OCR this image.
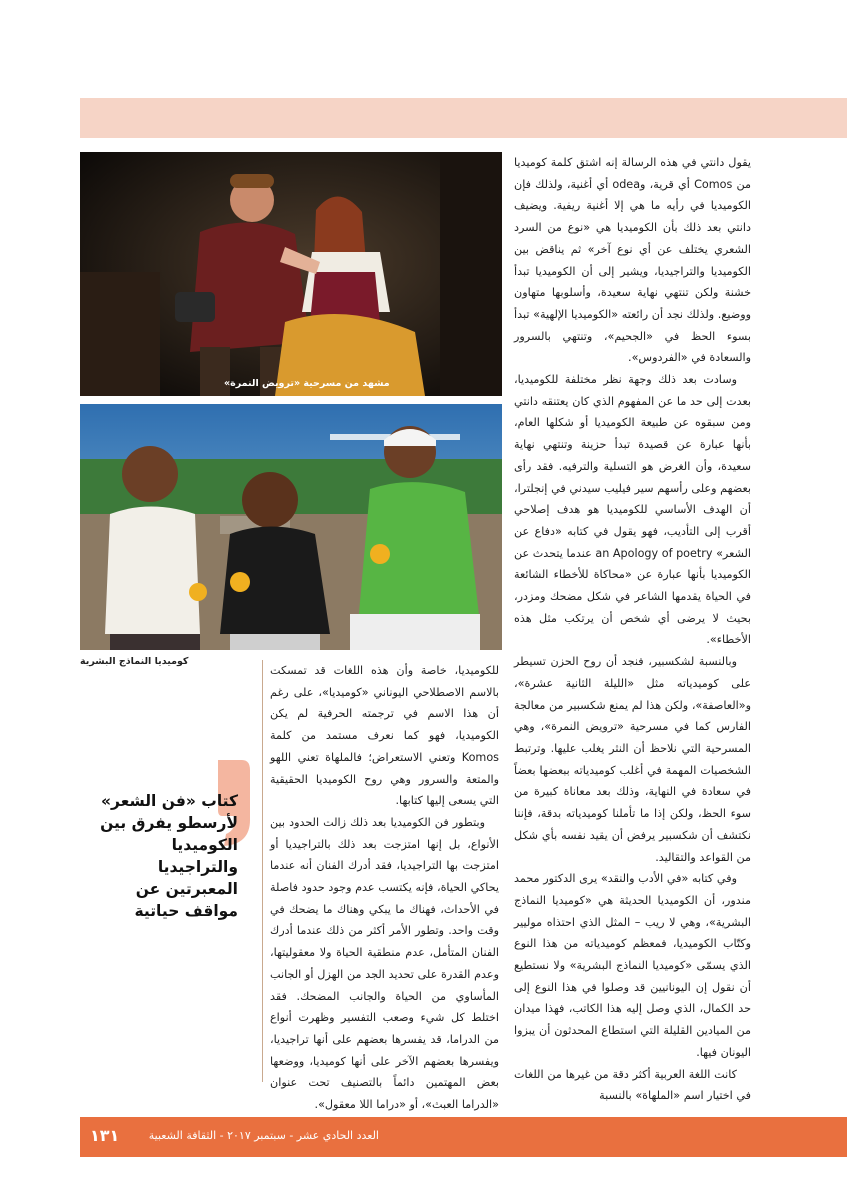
يقول دانتي في هذه الرسالة إنه اشتق كلمة كوميديا من Comos أي قرية، وodea أي أغنية، ولذلك فإن الكوميديا في رأيه ما هي إلا أغنية ريفية. ويضيف دانتي بعد ذلك بأن الكوميديا هي «نوع من السرد الشعري يختلف عن أي نوع آخر» ثم يناقض بين الكوميديا والتراجيديا، ويشير إلى أن الكوميديا تبدأ خشنة ولكن تنتهي نهاية سعيدة، وأسلوبها متهاون ووضيع. ولذلك نجد أن رائعته «الكوميديا الإلهية» تبدأ بسوء الحظ في «الجحيم»، وتنتهي بالسرور والسعادة في «الفردوس».

وسادت بعد ذلك وجهة نظر مختلفة للكوميديا، بعدت إلى حد ما عن المفهوم الذي كان يعتنقه دانتي ومن سبقوه عن طبيعة الكوميديا أو شكلها العام، بأنها عبارة عن قصيدة تبدأ حزينة وتنتهي نهاية سعيدة، وأن الغرض هو التسلية والترفيه. فقد رأى بعضهم وعلى رأسهم سير فيليب سيدني في إنجلترا، أن الهدف الأساسي للكوميديا هو هدف إصلاحي أقرب إلى التأديب، فهو يقول في كتابه «دفاع عن الشعر» an Apology of poetry عندما يتحدث عن الكوميديا بأنها عبارة عن «محاكاة للأخطاء الشائعة في الحياة يقدمها الشاعر في شكل مضحك ومزدر، بحيث لا يرضى أي شخص أن يرتكب مثل هذه الأخطاء».

وبالنسبة لشكسبير، فنجد أن روح الحزن تسيطر على كوميدياته مثل «الليلة الثانية عشرة»، و«العاصفة»، ولكن هذا لم يمنع شكسبير من معالجة الفارس كما في مسرحية «ترويض النمرة»، وهي المسرحية التي نلاحظ أن النثر يغلب عليها. وترتبط الشخصيات المهمة في أغلب كوميدياته ببعضها بعضاً في سعادة في النهاية، وذلك بعد معاناة كبيرة من سوء الحظ، ولكن إذا ما تأملنا كوميدياته بدقة، فإننا نكتشف أن شكسبير يرفض أن يقيد نفسه بأي شكل من القواعد والتقاليد.

وفي كتابه «في الأدب والنقد» يرى الدكتور محمد مندور، أن الكوميديا الحديثة هي «كوميديا النماذج البشرية»، وهي لا ريب – المثل الذي احتذاه موليير وكتّاب الكوميديا، فمعظم كوميدياته من هذا النوع الذي يسمّى «كوميديا النماذج البشرية» ولا نستطيع أن نقول إن اليونانيين قد وصلوا في هذا النوع إلى حد الكمال، الذي وصل إليه هذا الكاتب، فهذا ميدان من الميادين القليلة التي استطاع المحدثون أن يبزوا اليونان فيها.

كانت اللغة العربية أكثر دقة من غيرها من اللغات في اختيار اسم «الملهاة» بالنسبة

مشهد من مسرحية «ترويض النمرة»
كوميديا النماذج البشرية

للكوميديا، خاصة وأن هذه اللغات قد تمسكت بالاسم الاصطلاحي اليوناني «كوميديا»، على رغم أن هذا الاسم في ترجمته الحرفية لم يكن الكوميديا، فهو كما نعرف مستمد من كلمة Komos وتعني الاستعراض؛ فالملهاة تعني اللهو والمتعة والسرور وهي روح الكوميديا الحقيقية التي يسعى إليها كتابها.

وبتطور فن الكوميديا بعد ذلك زالت الحدود بين الأنواع، بل إنها امتزجت بعد ذلك بالتراجيديا أو امتزجت بها التراجيديا، فقد أدرك الفنان أنه عندما يحاكي الحياة، فإنه يكتسب عدم وجود حدود فاصلة في الأحداث، فهناك ما يبكي وهناك ما يضحك في وقت واحد. وتطور الأمر أكثر من ذلك عندما أدرك الفنان المتأمل، عدم منطقية الحياة ولا معقوليتها، وعدم القدرة على تحديد الجد من الهزل أو الجانب المأساوي من الحياة والجانب المضحك. فقد اختلط كل شيء وصعب التفسير وظهرت أنواع من الدراما، قد يفسرها بعضهم على أنها تراجيديا، ويفسرها بعضهم الآخر على أنها كوميديا، ووضعها بعض المهتمين دائماً بالتصنيف تحت عنوان «الدراما العبث»، أو «دراما اللا معقول».

كتاب «فن الشعر» لأرسطو يفرق بين الكوميديا والتراجيديا المعبرتين عن مواقف حياتية
العدد الحادي عشر - سبتمبر ٢٠١٧ - الثقافة الشعبية
١٣١
